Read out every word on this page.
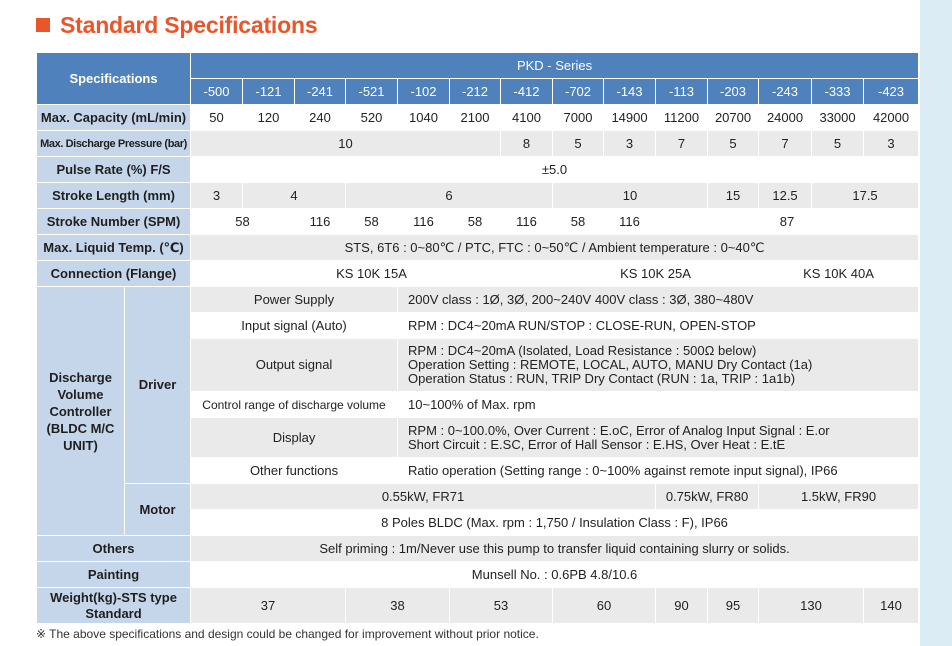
Standard Specifications
Specifications		PKD - Series													
		-500	-121	-241	-521	-102	-212	-412	-702	-143	-113	-203	-243	-333	-423
Max. Capacity (mL/min)		50	120	240	520	1040	2100	4100	7000	14900	11200	20700	24000	33000	42000
Max. Discharge Pressure (bar)		10						8	5	3	7	5	7	5	3
Pulse Rate (%) F/S		±5.0													
Stroke Length (mm)		3	4		6				10			15	12.5	17.5	
Stroke Number (SPM)		58		116	58	116	58	116	58	116	87				
Max. Liquid Temp. (℃)		STS, 6T6 : 0~80℃ / PTC, FTC : 0~50℃ / Ambient temperature : 0~40℃													
Connection (Flange)		KS 10K 15A							KS 10K 25A				KS 10K 40A		
Discharge Volume Controller (BLDC M/C UNIT)	Driver	Power Supply				200V class : 1Ø, 3Ø, 200~240V 400V class : 3Ø, 380~480V									
		Input signal (Auto)				RPM : DC4~20mA RUN/STOP : CLOSE-RUN, OPEN-STOP									
		Output signal				RPM : DC4~20mA (Isolated, Load Resistance : 500Ω below)
Operation Setting : REMOTE, LOCAL, AUTO, MANU Dry Contact (1a)
Operation Status : RUN, TRIP Dry Contact (RUN : 1a, TRIP : 1a1b)									

		Control range of discharge volume				10~100% of Max. rpm									
		Display				RPM : 0~100.0%, Over Current : E.oC, Error of Analog Input Signal : E.or
Short Circuit : E.SC, Error of Hall Sensor : E.HS, Over Heat : E.tE									

		Other functions				Ratio operation (Setting range : 0~100% against remote input signal), IP66									
	Motor	0.55kW, FR71									0.75kW, FR80		1.5kW, FR90		
		8 Poles BLDC (Max. rpm : 1,750 / Insulation Class : F), IP66													
Others		Self priming : 1m/Never use this pump to transfer liquid containing slurry or solids.													
Painting		Munsell No. : 0.6PB 4.8/10.6													
Weight(kg)-STS type Standard		37			38		53		60		90	95	130		140
※ The above specifications and design could be changed for improvement without prior notice.
